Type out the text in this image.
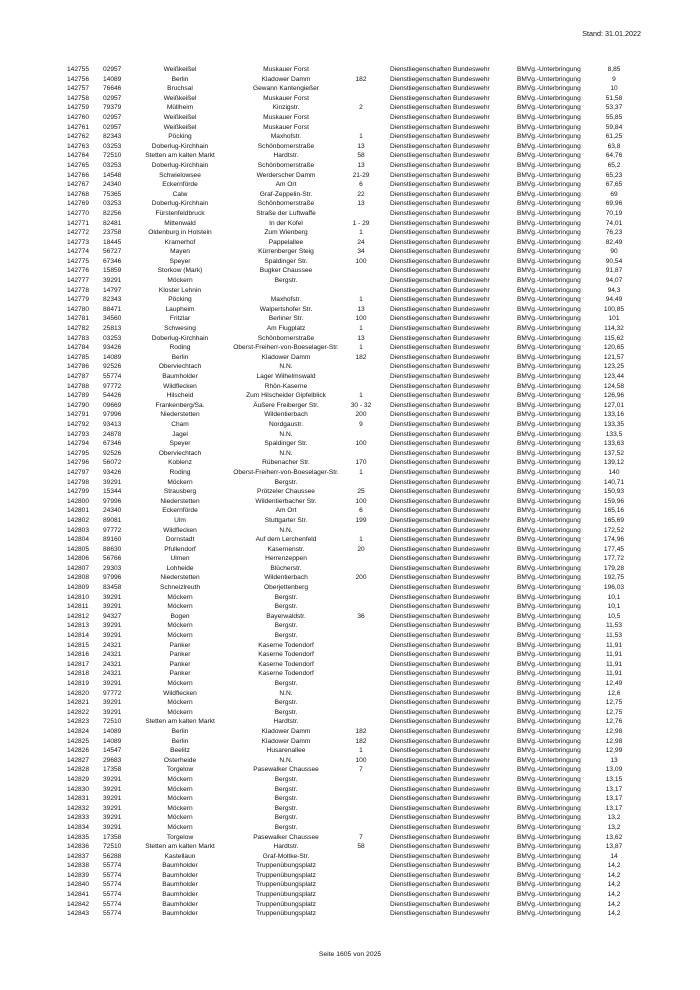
Stand: 31.01.2022
142755 02957	Weißkeißel	Muskauer Forst	Dienstliegenschaften Bundeswehr	BMVg.-Unterbringung	8,85
142756 14089	Berlin	Kladower Damm	182	Dienstliegenschaften Bundeswehr	BMVg.-Unterbringung	9
142757 76646	Bruchsal	Gewann Kantengießer	Dienstliegenschaften Bundeswehr	BMVg.-Unterbringung	10
142758 02957	Weißkeißel	Muskauer Forst	Dienstliegenschaften Bundeswehr	BMVg.-Unterbringung	51,58
142759 79379	Müllheim	Kinzigstr.	2	Dienstliegenschaften Bundeswehr	BMVg.-Unterbringung	53,37
142760 02957	Weißkeißel	Muskauer Forst	Dienstliegenschaften Bundeswehr	BMVg.-Unterbringung	55,85
142761 02957	Weißkeißel	Muskauer Forst	Dienstliegenschaften Bundeswehr	BMVg.-Unterbringung	59,84
142762 82343	Pöcking	Maxhofstr.	1	Dienstliegenschaften Bundeswehr	BMVg.-Unterbringung	61,25
142763 03253	Doberlug-Kirchhain	Schönbornerstraße	13	Dienstliegenschaften Bundeswehr	BMVg.-Unterbringung	63,8
142764 72510	Stetten am kalten Markt	Hardtstr.	58	Dienstliegenschaften Bundeswehr	BMVg.-Unterbringung	64,76
142765 03253	Doberlug-Kirchhain	Schönbornerstraße	13	Dienstliegenschaften Bundeswehr	BMVg.-Unterbringung	65,2
142766 14548	Schwielowsee	Werderscher Damm	21-29	Dienstliegenschaften Bundeswehr	BMVg.-Unterbringung	65,23
142767 24340	Eckernförde	Am Ort	6	Dienstliegenschaften Bundeswehr	BMVg.-Unterbringung	67,65
142768 75365	Calw	Graf-Zeppelin-Str.	22	Dienstliegenschaften Bundeswehr	BMVg.-Unterbringung	69
142769 03253	Doberlug-Kirchhain	Schönbornerstraße	13	Dienstliegenschaften Bundeswehr	BMVg.-Unterbringung	69,96
142770 82256	Fürstenfeldbruck	Straße der Luftwaffe	Dienstliegenschaften Bundeswehr	BMVg.-Unterbringung	70,19
142771 82481	Mittenwald	In der Kofel	1 - 29	Dienstliegenschaften Bundeswehr	BMVg.-Unterbringung	74,01
142772 23758	Oldenburg in Holstein	Zum Wienberg	1	Dienstliegenschaften Bundeswehr	BMVg.-Unterbringung	76,23
142773 18445	Kramerhof	Pappelallee	24	Dienstliegenschaften Bundeswehr	BMVg.-Unterbringung	82,49
142774 56727	Mayen	Kürrenberger Steig	34	Dienstliegenschaften Bundeswehr	BMVg.-Unterbringung	90
142775 67346	Speyer	Spaldinger Str.	100	Dienstliegenschaften Bundeswehr	BMVg.-Unterbringung	90,54
142776 15859	Storkow (Mark)	Bugker Chaussee	Dienstliegenschaften Bundeswehr	BMVg.-Unterbringung	91,87
142777 39291	Möckern	Bergstr.	Dienstliegenschaften Bundeswehr	BMVg.-Unterbringung	94,07
142778 14797	Kloster Lehnin	Dienstliegenschaften Bundeswehr	BMVg.-Unterbringung	94,3
142779 82343	Pöcking	Maxhofstr.	1	Dienstliegenschaften Bundeswehr	BMVg.-Unterbringung	94,49
142780 88471	Laupheim	Walpertshofer Str.	13	Dienstliegenschaften Bundeswehr	BMVg.-Unterbringung	100,85
142781 34560	Fritzlar	Berliner Str.	100	Dienstliegenschaften Bundeswehr	BMVg.-Unterbringung	101
142782 25813	Schwesing	Am Flugplatz	1	Dienstliegenschaften Bundeswehr	BMVg.-Unterbringung	114,32
142783 03253	Doberlug-Kirchhain	Schönbornerstraße	13	Dienstliegenschaften Bundeswehr	BMVg.-Unterbringung	115,62
142784 93426	Roding	Oberst-Freiherr-von-Boeselager-Str.	1	Dienstliegenschaften Bundeswehr	BMVg.-Unterbringung	120,65
142785 14089	Berlin	Kladower Damm	182	Dienstliegenschaften Bundeswehr	BMVg.-Unterbringung	121,57
142786 92526	Oberviechtach	N.N.	Dienstliegenschaften Bundeswehr	BMVg.-Unterbringung	123,25
142787 55774	Baumholder	Lager Wilhelmswald	Dienstliegenschaften Bundeswehr	BMVg.-Unterbringung	123,44
142788 97772	Wildflecken	Rhön-Kaserne	Dienstliegenschaften Bundeswehr	BMVg.-Unterbringung	124,58
142789 54426	Hilscheid	Zum Hilscheider Gipfelblick	1	Dienstliegenschaften Bundeswehr	BMVg.-Unterbringung	126,96
142790 09669	Frankenberg/Sa.	Äußere Freiberger Str.	30 - 32	Dienstliegenschaften Bundeswehr	BMVg.-Unterbringung	127,01
142791 97996	Niederstetten	Wildentierbach	200	Dienstliegenschaften Bundeswehr	BMVg.-Unterbringung	133,16
142792 93413	Cham	Nordgaustr.	9	Dienstliegenschaften Bundeswehr	BMVg.-Unterbringung	133,35
142793 24878	Jagel	N.N.	Dienstliegenschaften Bundeswehr	BMVg.-Unterbringung	133,5
142794 67346	Speyer	Spaldinger Str.	100	Dienstliegenschaften Bundeswehr	BMVg.-Unterbringung	133,63
142795 92526	Oberviechtach	N.N.	Dienstliegenschaften Bundeswehr	BMVg.-Unterbringung	137,52
142796 56072	Koblenz	Rübenacher Str.	170	Dienstliegenschaften Bundeswehr	BMVg.-Unterbringung	139,12
142797 93426	Roding	Oberst-Freiherr-von-Boeselager-Str.	1	Dienstliegenschaften Bundeswehr	BMVg.-Unterbringung	140
142798 39291	Möckern	Bergstr.	Dienstliegenschaften Bundeswehr	BMVg.-Unterbringung	140,71
142799 15344	Strausberg	Prötzeler Chaussee	25	Dienstliegenschaften Bundeswehr	BMVg.-Unterbringung	150,93
142800 97996	Niederstetten	Wildentierbacher Str.	100	Dienstliegenschaften Bundeswehr	BMVg.-Unterbringung	159,96
142801 24340	Eckernförde	Am Ort	6	Dienstliegenschaften Bundeswehr	BMVg.-Unterbringung	165,16
142802 89081	Ulm	Stuttgarter Str.	199	Dienstliegenschaften Bundeswehr	BMVg.-Unterbringung	165,69
142803 97772	Wildflecken	N.N.	Dienstliegenschaften Bundeswehr	BMVg.-Unterbringung	172,52
142804 89160	Dornstadt	Auf dem Lerchenfeld	1	Dienstliegenschaften Bundeswehr	BMVg.-Unterbringung	174,96
142805 88630	Pfullendorf	Kasernenstr.	20	Dienstliegenschaften Bundeswehr	BMVg.-Unterbringung	177,45
142806 56766	Ulmen	Herrenzeppen	Dienstliegenschaften Bundeswehr	BMVg.-Unterbringung	177,72
142807 29303	Lohheide	Blücherstr.	Dienstliegenschaften Bundeswehr	BMVg.-Unterbringung	179,28
142808 97996	Niederstetten	Wildentierbach	200	Dienstliegenschaften Bundeswehr	BMVg.-Unterbringung	192,75
142809 83458	Schneizlreuth	Oberjettenberg	Dienstliegenschaften Bundeswehr	BMVg.-Unterbringung	196,03
142810 39291	Möckern	Bergstr.	Dienstliegenschaften Bundeswehr	BMVg.-Unterbringung	10,1
142811 39291	Möckern	Bergstr.	Dienstliegenschaften Bundeswehr	BMVg.-Unterbringung	10,1
142812 94327	Bogen	Bayerwaldstr.	36	Dienstliegenschaften Bundeswehr	BMVg.-Unterbringung	10,5
142813 39291	Möckern	Bergstr.	Dienstliegenschaften Bundeswehr	BMVg.-Unterbringung	11,53
142814 39291	Möckern	Bergstr.	Dienstliegenschaften Bundeswehr	BMVg.-Unterbringung	11,53
142815 24321	Panker	Kaserne Todendorf	Dienstliegenschaften Bundeswehr	BMVg.-Unterbringung	11,91
142816 24321	Panker	Kaserne Todendorf	Dienstliegenschaften Bundeswehr	BMVg.-Unterbringung	11,91
142817 24321	Panker	Kaserne Todendorf	Dienstliegenschaften Bundeswehr	BMVg.-Unterbringung	11,91
142818 24321	Panker	Kaserne Todendorf	Dienstliegenschaften Bundeswehr	BMVg.-Unterbringung	11,91
142819 39291	Möckern	Bergstr.	Dienstliegenschaften Bundeswehr	BMVg.-Unterbringung	12,49
142820 97772	Wildflecken	N.N.	Dienstliegenschaften Bundeswehr	BMVg.-Unterbringung	12,6
142821 39291	Möckern	Bergstr.	Dienstliegenschaften Bundeswehr	BMVg.-Unterbringung	12,75
142822 39291	Möckern	Bergstr.	Dienstliegenschaften Bundeswehr	BMVg.-Unterbringung	12,75
142823 72510	Stetten am kalten Markt	Hardtstr.	Dienstliegenschaften Bundeswehr	BMVg.-Unterbringung	12,76
142824 14089	Berlin	Kladower Damm	182	Dienstliegenschaften Bundeswehr	BMVg.-Unterbringung	12,98
142825 14089	Berlin	Kladower Damm	182	Dienstliegenschaften Bundeswehr	BMVg.-Unterbringung	12,98
142826 14547	Beelitz	Husarenallee	1	Dienstliegenschaften Bundeswehr	BMVg.-Unterbringung	12,99
142827 29683	Osterheide	N.N.	100	Dienstliegenschaften Bundeswehr	BMVg.-Unterbringung	13
142828 17358	Torgelow	Pasewalker Chaussee	7	Dienstliegenschaften Bundeswehr	BMVg.-Unterbringung	13,09
142829 39291	Möckern	Bergstr.	Dienstliegenschaften Bundeswehr	BMVg.-Unterbringung	13,15
142830 39291	Möckern	Bergstr.	Dienstliegenschaften Bundeswehr	BMVg.-Unterbringung	13,17
142831 39291	Möckern	Bergstr.	Dienstliegenschaften Bundeswehr	BMVg.-Unterbringung	13,17
142832 39291	Möckern	Bergstr.	Dienstliegenschaften Bundeswehr	BMVg.-Unterbringung	13,17
142833 39291	Möckern	Bergstr.	Dienstliegenschaften Bundeswehr	BMVg.-Unterbringung	13,2
142834 39291	Möckern	Bergstr.	Dienstliegenschaften Bundeswehr	BMVg.-Unterbringung	13,2
142835 17358	Torgelow	Pasewalker Chaussee	7	Dienstliegenschaften Bundeswehr	BMVg.-Unterbringung	13,62
142836 72510	Stetten am kalten Markt	Hardtstr.	58	Dienstliegenschaften Bundeswehr	BMVg.-Unterbringung	13,87
142837 56288	Kastellaun	Graf-Moltke-Str.	Dienstliegenschaften Bundeswehr	BMVg.-Unterbringung	14
142838 55774	Baumholder	Truppenübungsplatz	Dienstliegenschaften Bundeswehr	BMVg.-Unterbringung	14,2
142839 55774	Baumholder	Truppenübungsplatz	Dienstliegenschaften Bundeswehr	BMVg.-Unterbringung	14,2
142840 55774	Baumholder	Truppenübungsplatz	Dienstliegenschaften Bundeswehr	BMVg.-Unterbringung	14,2
142841 55774	Baumholder	Truppenübungsplatz	Dienstliegenschaften Bundeswehr	BMVg.-Unterbringung	14,2
142842 55774	Baumholder	Truppenübungsplatz	Dienstliegenschaften Bundeswehr	BMVg.-Unterbringung	14,2
142843 55774	Baumholder	Truppenübungsplatz	Dienstliegenschaften Bundeswehr	BMVg.-Unterbringung	14,2
Seite 1605 von 2025
